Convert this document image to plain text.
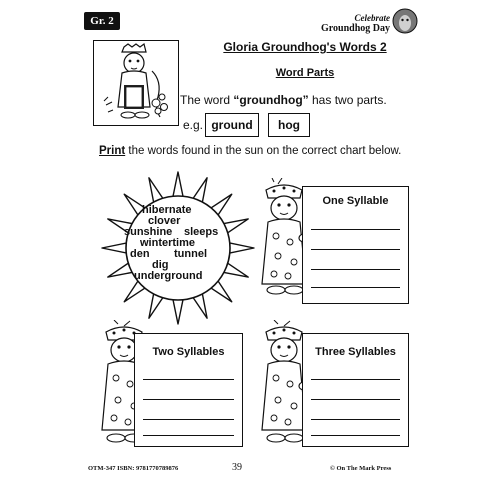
Gr. 2	Celebrate
Groundhog Day
Gloria Groundhog's Words 2
Word Parts
The word “groundhog” has two parts.
e.g. ground	hog
Print the words found in the sun on the correct chart below.
hibernate
clover
sunshine sleeps
wintertime
den tunnel
dig
underground
One Syllable
Two Syllables	Three Syllables
OTM-347 ISBN: 9781770789876	39	© On The Mark Press
